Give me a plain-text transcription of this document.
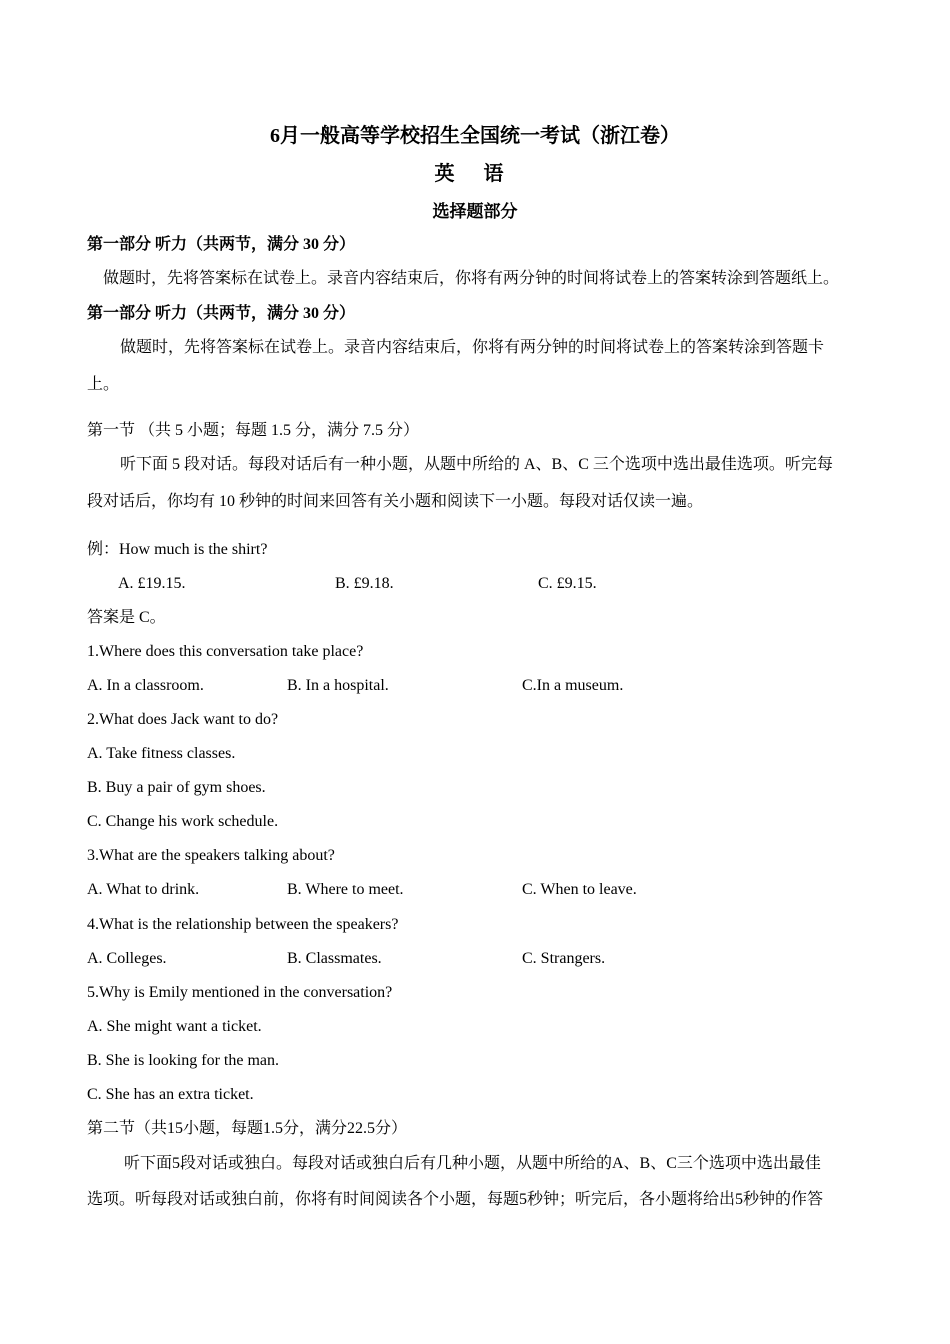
6月一般高等学校招生全国统一考试（浙江卷）
英 语
选择题部分
第一部分 听力（共两节，满分 30 分）
做题时，先将答案标在试卷上。录音内容结束后，你将有两分钟的时间将试卷上的答案转涂到答题纸上。
第一部分 听力（共两节，满分 30 分）
做题时，先将答案标在试卷上。录音内容结束后，你将有两分钟的时间将试卷上的答案转涂到答题卡
上。
第一节 （共 5 小题；每题 1.5 分，满分 7.5 分）
听下面 5 段对话。每段对话后有一种小题，从题中所给的 A、B、C 三个选项中选出最佳选项。听完每
段对话后，你均有 10 秒钟的时间来回答有关小题和阅读下一小题。每段对话仅读一遍。
例：How much is the shirt?
A. £19.15.	B. £9.18.	C. £9.15.
答案是 C。
1.Where does this conversation take place?
A. In a classroom.	B. In a hospital.	C.In a museum.
2.What does Jack want to do?
A. Take fitness classes.
B. Buy a pair of gym shoes.
C. Change his work schedule.
3.What are the speakers talking about?
A. What to drink.	B. Where to meet.	C. When to leave.
4.What is the relationship between the speakers?
A. Colleges.	B. Classmates.	C. Strangers.
5.Why is Emily mentioned in the conversation?
A. She might want a ticket.
B. She is looking for the man.
C. She has an extra ticket.
第二节（共15小题，每题1.5分，满分22.5分）
听下面5段对话或独白。每段对话或独白后有几种小题，从题中所给的A、B、C三个选项中选出最佳
选项。听每段对话或独白前，你将有时间阅读各个小题，每题5秒钟；听完后，各小题将给出5秒钟的作答
